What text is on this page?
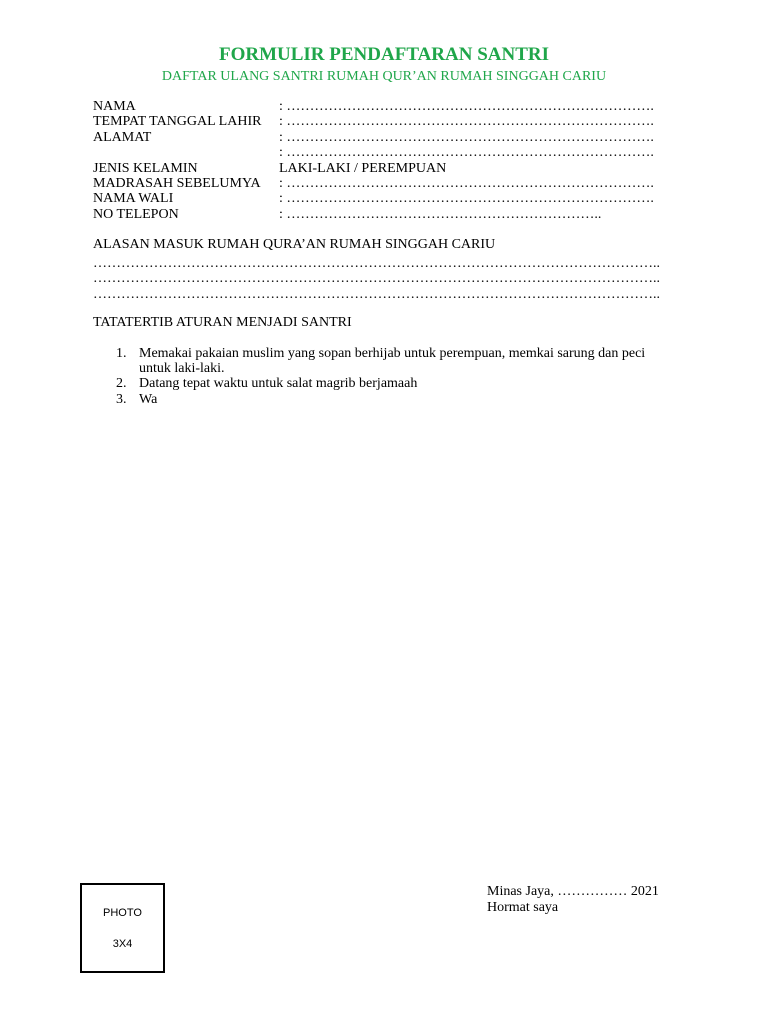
FORMULIR PENDAFTARAN SANTRI
DAFTAR ULANG SANTRI RUMAH QUR’AN RUMAH SINGGAH CARIU
NAMA	: …………………………………………………………………….
TEMPAT TANGGAL LAHIR	: …………………………………………………………………….
ALAMAT	: …………………………………………………………………….
: …………………………………………………………………….
JENIS KELAMIN	LAKI-LAKI / PEREMPUAN
MADRASAH SEBELUMYA	: …………………………………………………………………….
NAMA WALI	: …………………………………………………………………….
NO TELEPON	: …………………………………………………………..
ALASAN MASUK RUMAH QURA’AN RUMAH SINGGAH CARIU
…………………………………………………………………………………………………………..
…………………………………………………………………………………………………………..
…………………………………………………………………………………………………………..
TATATERTIB ATURAN MENJADI SANTRI
1. Memakai pakaian muslim yang sopan berhijab untuk perempuan, memkai sarung dan peci untuk laki-laki.
2. Datang tepat waktu untuk salat magrib berjamaah
3. Wa
PHOTO
3X4
Minas Jaya, …………… 2021
Hormat saya
